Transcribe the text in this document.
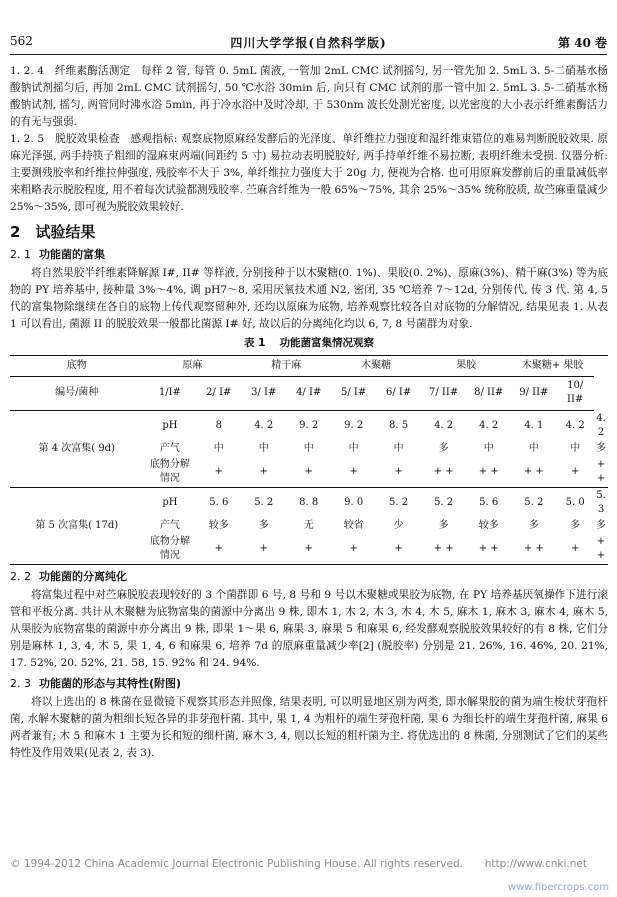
562	四川大学学报(自然科学版)	第 40 卷

1. 2. 4　纤维素酶活测定　每样 2 管, 每管 0. 5mL 菌液, 一管加 2mL CMC 试剂摇匀, 另一管先加 2. 5mL 3. 5-二硝基水杨酸钠试剂摇匀后, 再加 2mL CMC 试剂摇匀, 50 ℃水浴 30min 后, 向只有 CMC 试剂的那一管中加 2. 5mL 3. 5-二硝基水杨酸钠试剂, 摇匀, 两管同时沸水浴 5min, 再于冷水浴中及时冷却, 于 530nm 波长处测光密度, 以光密度的大小表示纤维素酶活力的有无与强弱.

1. 2. 5　脱胶效果检查　感观指标: 观察底物原麻经发酵后的光泽度、单纤维拉力强度和湿纤维束错位的难易判断脱胶效果. 原麻光泽强, 两手持筷子粗细的湿麻束两端(间距约 5 寸) 易拉动表明脱胶好, 两手持单纤维不易拉断, 表明纤维未受损. 仪器分析: 主要测残胶率和纤维拉伸强度, 残胶率不大于 3%, 单纤维拉力强度大于 20g 力, 便视为合格. 也可用原麻发酵前后的重量减低率来粗略表示脱胶程度, 用不着每次试验都测残胶率. 苎麻含纤维为一般 65%～75%, 其余 25%～35% 统称胶质, 故苎麻重量减少 25%～35%, 即可视为脱胶效果较好.

2　试验结果
2. 1 功能菌的富集

将自然果胶半纤维素降解源 I#, II# 等样液, 分别接种于以木聚糖(0. 1%)、果胶(0. 2%)、原麻(3%)、精干麻(3%) 等为底物的 PY 培养基中, 接种量 3%～4%, 调 pH7～8, 采用厌氧技术通 N2, 密闭, 35 ℃培养 7～12d, 分别传代, 传 3 代. 第 4, 5 代的富集物除继续在各自的底物上传代观察留种外, 还均以原麻为底物, 培养观察比较各自对底物的分解情况, 结果见表 1. 从表 1 可以看出, 菌源 II 的脱胶效果一般都比菌源 I# 好, 故以后的分离纯化均以 6, 7, 8 号菌群为对象.

表 1 功能菌富集情况观察
底物	原麻		精干麻		木聚糖		果胶		木聚糖+ 果胶		
编号/菌种	1/I#	2/ I#	3/ I#	4/ I#	5/ I#	6/ I#	7/ II#	8/ II#	9/ II#	10/ II#	
第 4 次富集( 9d)	pH	8	4. 2	9. 2	9. 2	8. 5	4. 2	4. 2	4. 1	4. 2	4. 2
	产气	中	中	中	中	中	多	中	中	中	多
	底物分解情况	+	+	+	+	+	+ +	+ +	+ +	+	+ +
第 5 次富集( 17d)	pH	5. 6	5. 2	8. 8	9. 0	5. 2	5. 2	5. 6	5. 2	5. 0	5. 3
	产气	较多	多	无	较省	少	多	较多	多	多	多
	底物分解情况	+	+	+	+	+	+ +	+ +	+ +	+	+ +
2. 2 功能菌的分离纯化

将富集过程中对苎麻脱胶表现较好的 3 个菌群即 6 号, 8 号和 9 号以木聚糖或果胶为底物, 在 PY 培养基厌氧操作下进行滚管和平板分离. 共计从木聚糖为底物富集的菌源中分离出 9 株, 即木 1, 木 2, 木 3, 木 4, 木 5, 麻木 1, 麻木 3, 麻木 4, 麻木 5, 从果胶为底物富集的菌源中亦分离出 9 株, 即果 1～果 6, 麻果 3, 麻果 5 和麻果 6, 经发酵观察脱胶效果较好的有 8 株, 它们分别是麻林 1, 3, 4, 木 5, 果 1, 4, 6 和麻果 6, 培养 7d 的原麻重量减少率[2] (脱胶率) 分别是 21. 26%, 16. 46%, 20. 21%, 17. 52%, 20. 52%, 21. 58, 15. 92% 和 24. 94%.

2. 3 功能菌的形态与其特性(附图)

将以上选出的 8 株菌在显微镜下观察其形态并照像, 结果表明, 可以明显地区别为两类, 即水解果胶的菌为端生梭状芽孢杆菌, 水解木聚糖的菌为粗细长短各异的非芽孢杆菌. 其中, 果 1, 4 为粗杆的端生芽孢杆菌, 果 6 为细长杆的端生芽孢杆菌, 麻果 6 两者兼有; 木 5 和麻木 1 主要为长和短的细杆菌, 麻木 3, 4, 则以长短的粗杆菌为主. 将优选出的 8 株菌, 分别测试了它们的某些特性及作用效果(见表 2, 表 3).

© 1994-2012 China Academic Journal Electronic Publishing House. All rights reserved. http://www.cnki.net
www.fibercrops.com
